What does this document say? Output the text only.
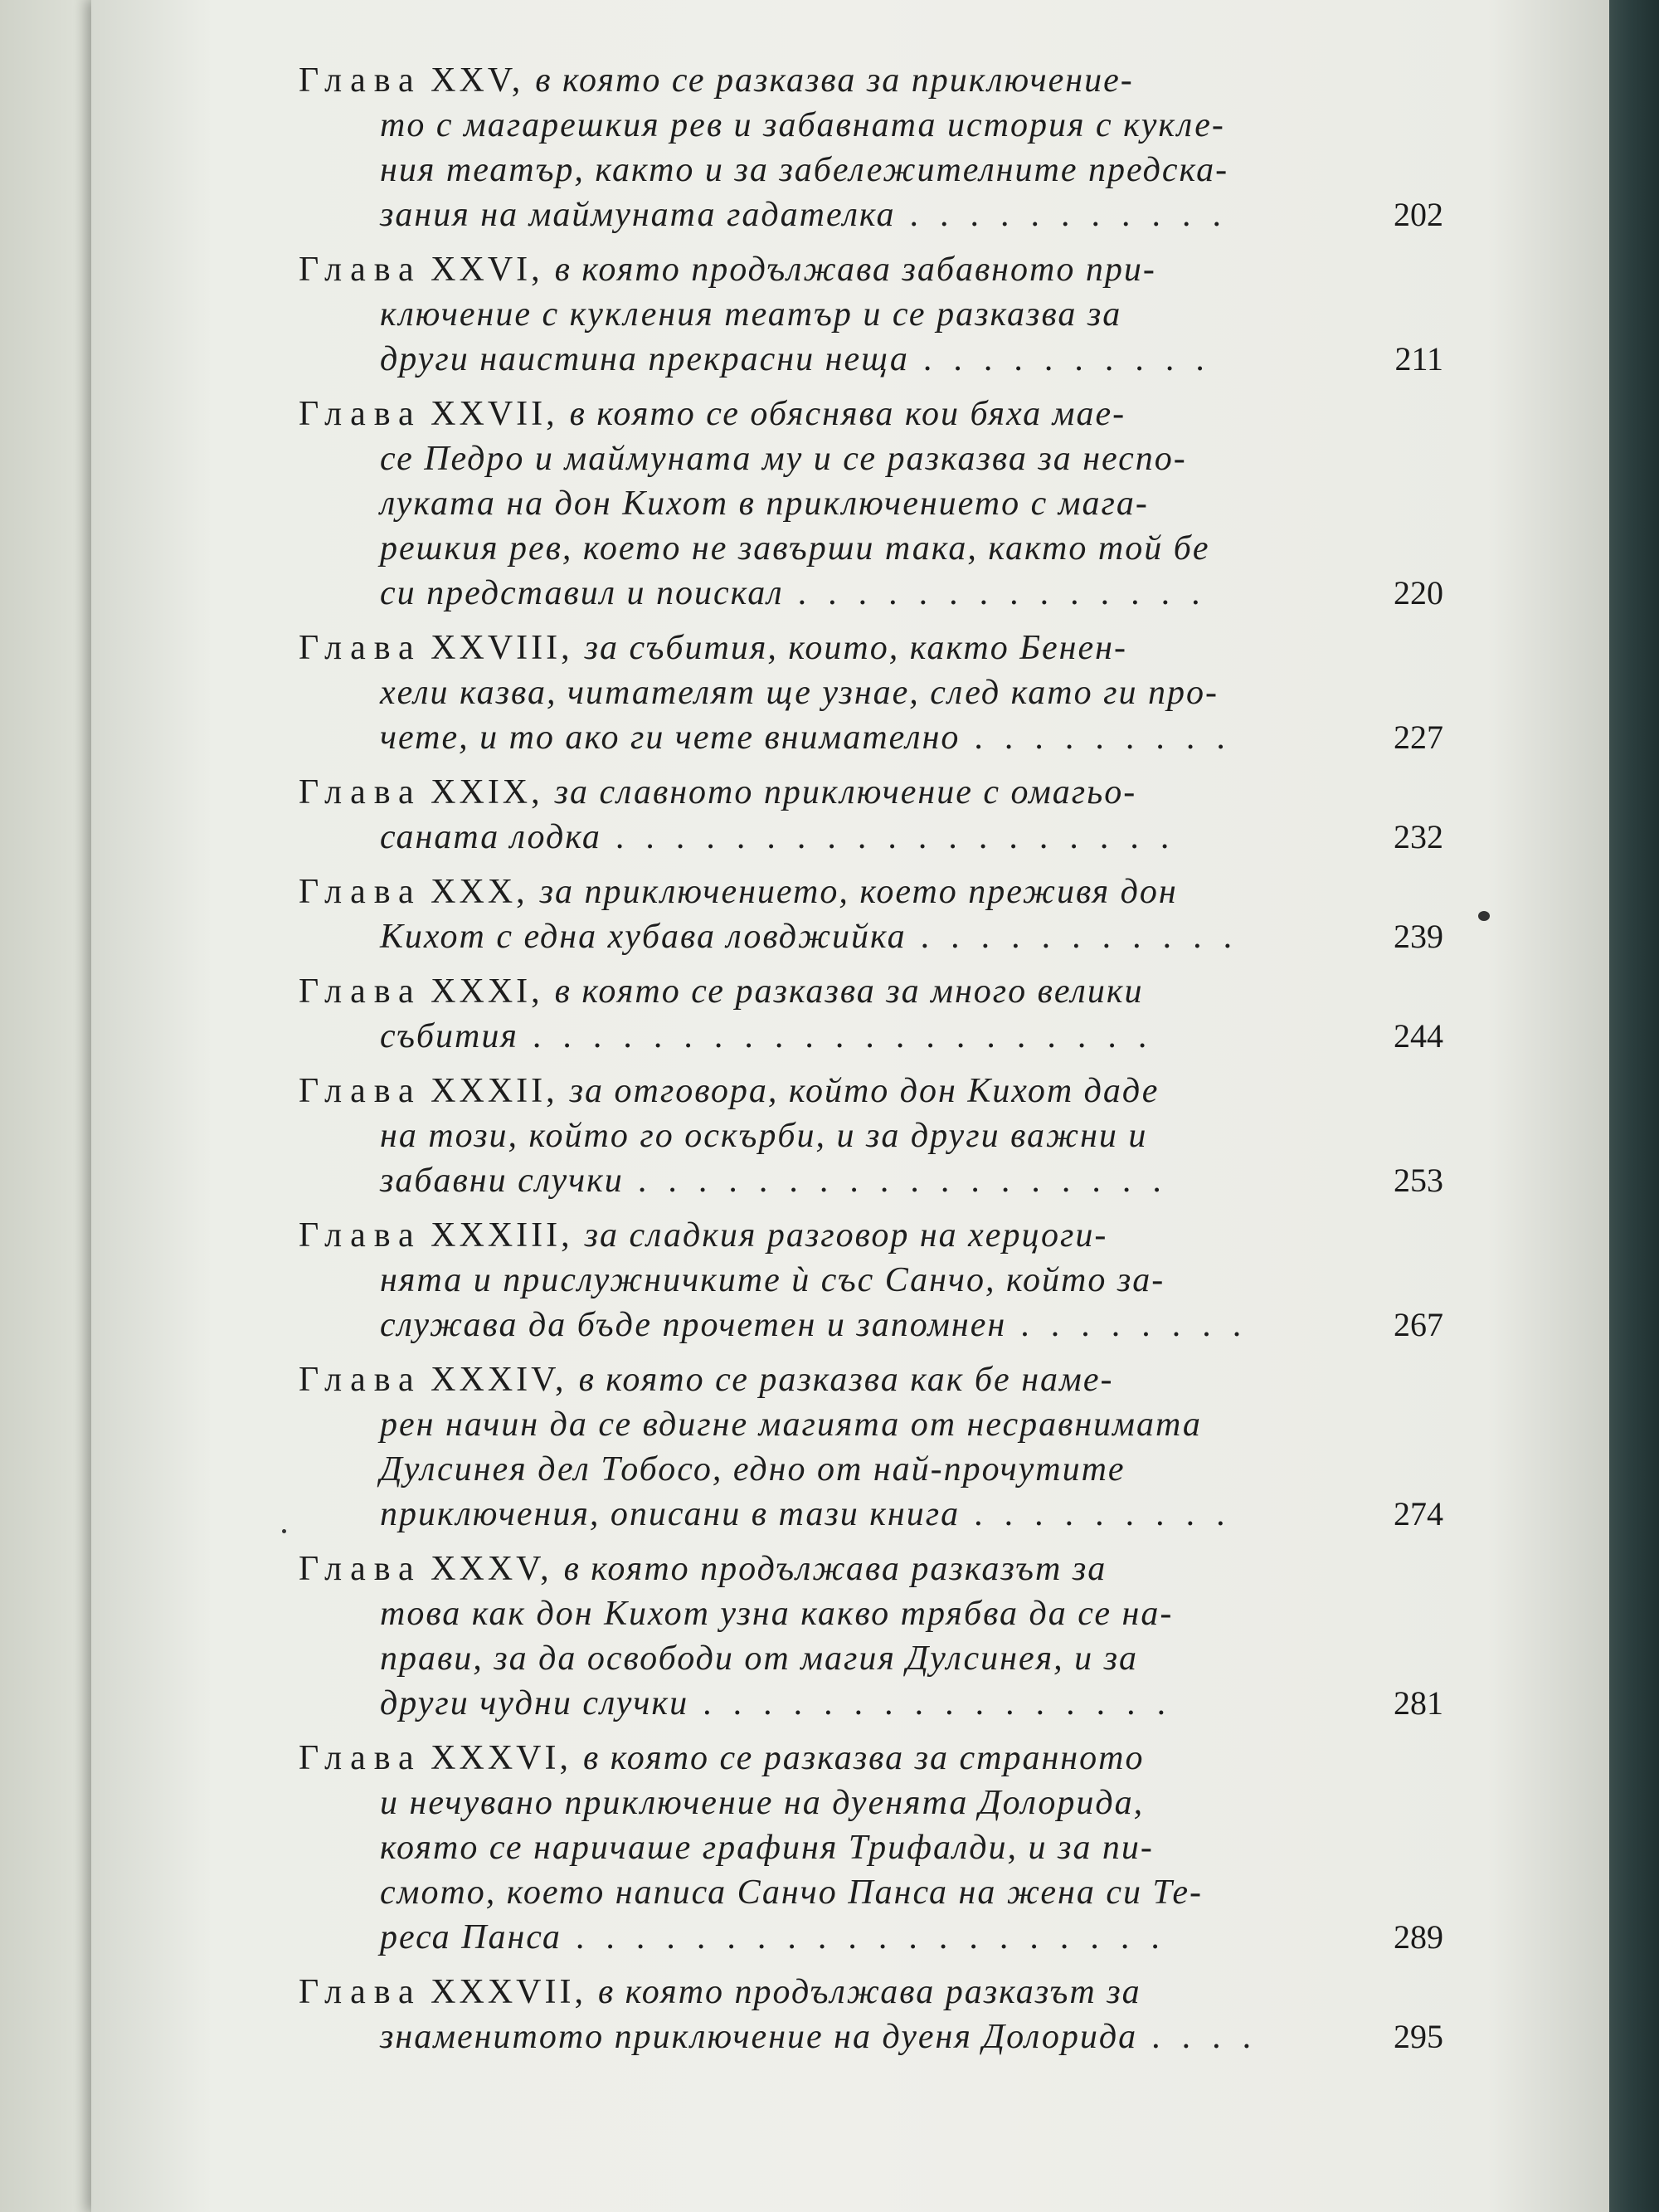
Глава XXV, в която се разказва за приключение-
то с магарешкия рев и забавната история с кукле-
ния театър, както и за забележителните предска-
202
зания на маймуната гадателка ...........
Глава XXVI, в която продължава забавното при-
ключение с кукления театър и се разказва за
211
други наистина прекрасни неща ..........
Глава XXVII, в която се обяснява кои бяха мае-
се Педро и маймуната му и се разказва за неспо-
луката на дон Кихот в приключението с мага-
решкия рев, което не завърши така, както той бе
220
си представил и поискал ..............
Глава XXVIII, за събития, които, както Бенен-
хели казва, читателят ще узнае, след като ги про-
227
чете, и то ако ги чете внимателно .........
Глава XXIX, за славното приключение с омагьо-
232
саната лодка ...................
Глава XXX, за приключението, което преживя дон
239
Кихот с една хубава ловджийка ...........
Глава XXXI, в която се разказва за много велики
244
събития .....................
Глава XXXII, за отговора, който дон Кихот даде
на този, който го оскърби, и за други важни и
253
забавни случки ..................
Глава XXXIII, за сладкия разговор на херцоги-
нята и прислужничките ѝ със Санчо, който за-
267
служава да бъде прочетен и запомнен ........
Глава XXXIV, в която се разказва как бе наме-
рен начин да се вдигне магията от несравнимата
Дулсинея дел Тобосо, едно от най-прочутите
274
приключения, описани в тази книга .........
Глава XXXV, в която продължава разказът за
това как дон Кихот узна какво трябва да се на-
прави, за да освободи от магия Дулсинея, и за
281
други чудни случки ................
Глава XXXVI, в която се разказва за странното
и нечувано приключение на дуенята Долорида,
която се наричаше графиня Трифалди, и за пи-
смото, което написа Санчо Панса на жена си Те-
289
реса Панса ....................
Глава XXXVII, в която продължава разказът за
295
знаменитото приключение на дуеня Долорида ....
